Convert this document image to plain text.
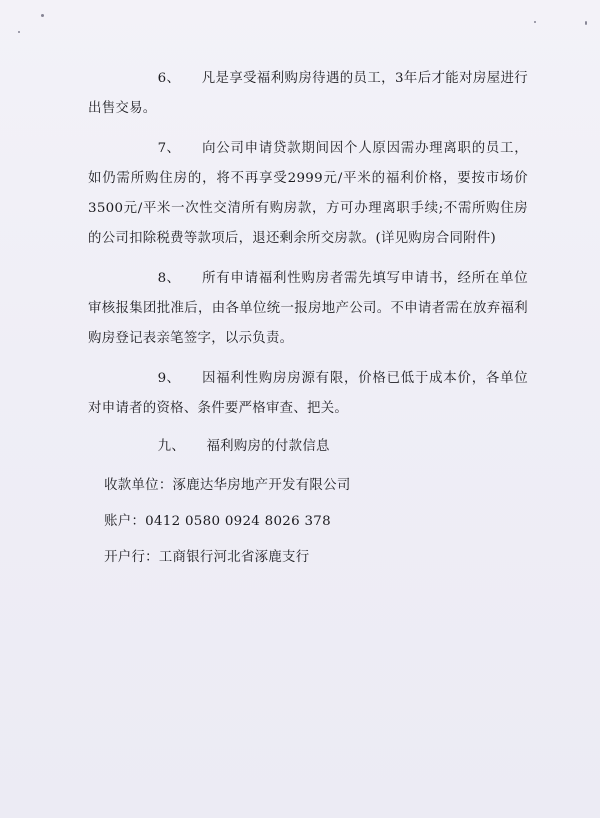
6、 凡是享受福利购房待遇的员工，3年后才能对房屋进行出售交易。

7、 向公司申请贷款期间因个人原因需办理离职的员工，如仍需所购住房的，将不再享受2999元/平米的福利价格，要按市场价3500元/平米一次性交清所有购房款，方可办理离职手续;不需所购住房的公司扣除税费等款项后，退还剩余所交房款。(详见购房合同附件)

8、 所有申请福利性购房者需先填写申请书，经所在单位审核报集团批准后，由各单位统一报房地产公司。不申请者需在放弃福利购房登记表亲笔签字，以示负责。

9、 因福利性购房房源有限，价格已低于成本价，各单位对申请者的资格、条件要严格审查、把关。

九、 福利购房的付款信息

收款单位：涿鹿达华房地产开发有限公司
账户：0412 0580 0924 8026 378
开户行：工商银行河北省涿鹿支行
